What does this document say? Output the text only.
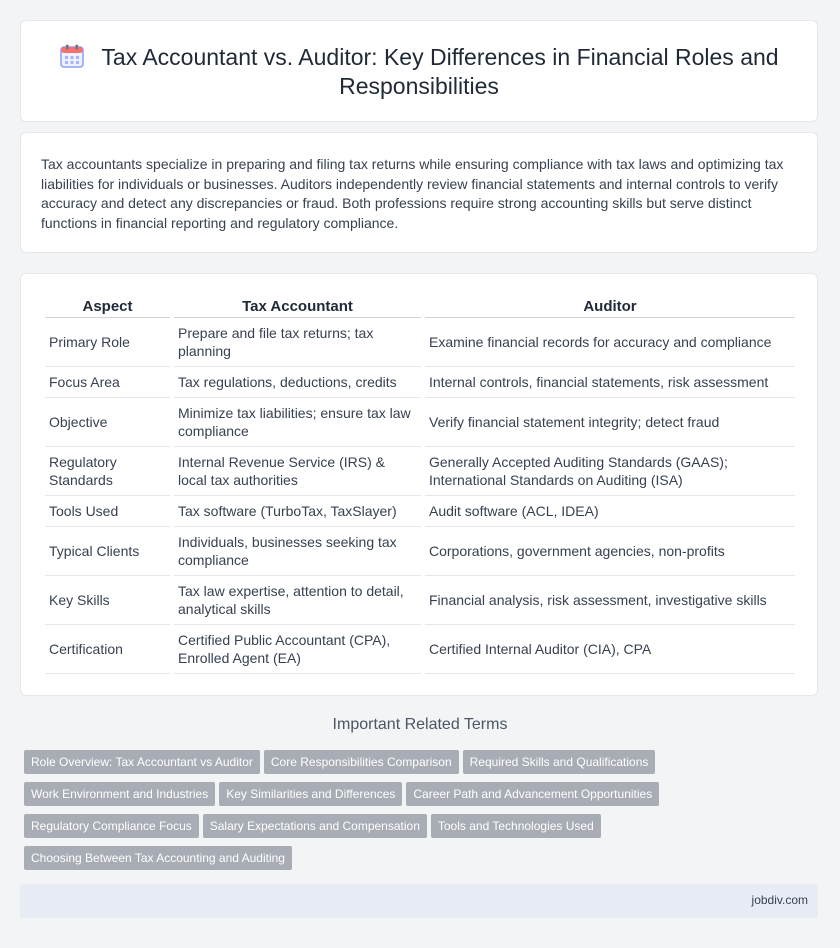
Tax Accountant vs. Auditor: Key Differences in Financial Roles and Responsibilities
Tax accountants specialize in preparing and filing tax returns while ensuring compliance with tax laws and optimizing tax liabilities for individuals or businesses. Auditors independently review financial statements and internal controls to verify accuracy and detect any discrepancies or fraud. Both professions require strong accounting skills but serve distinct functions in financial reporting and regulatory compliance.
Aspect	Tax Accountant	Auditor
Primary Role	Prepare and file tax returns; tax planning	Examine financial records for accuracy and compliance
Focus Area	Tax regulations, deductions, credits	Internal controls, financial statements, risk assessment
Objective	Minimize tax liabilities; ensure tax law compliance	Verify financial statement integrity; detect fraud
Regulatory Standards	Internal Revenue Service (IRS) & local tax authorities	Generally Accepted Auditing Standards (GAAS); International Standards on Auditing (ISA)
Tools Used	Tax software (TurboTax, TaxSlayer)	Audit software (ACL, IDEA)
Typical Clients	Individuals, businesses seeking tax compliance	Corporations, government agencies, non-profits
Key Skills	Tax law expertise, attention to detail, analytical skills	Financial analysis, risk assessment, investigative skills
Certification	Certified Public Accountant (CPA), Enrolled Agent (EA)	Certified Internal Auditor (CIA), CPA
Important Related Terms
Role Overview: Tax Accountant vs Auditor Core Responsibilities Comparison Required Skills and QualificationsWork Environment and Industries Key Similarities and Differences Career Path and Advancement OpportunitiesRegulatory Compliance Focus Salary Expectations and Compensation Tools and Technologies UsedChoosing Between Tax Accounting and Auditing
jobdiv.com
